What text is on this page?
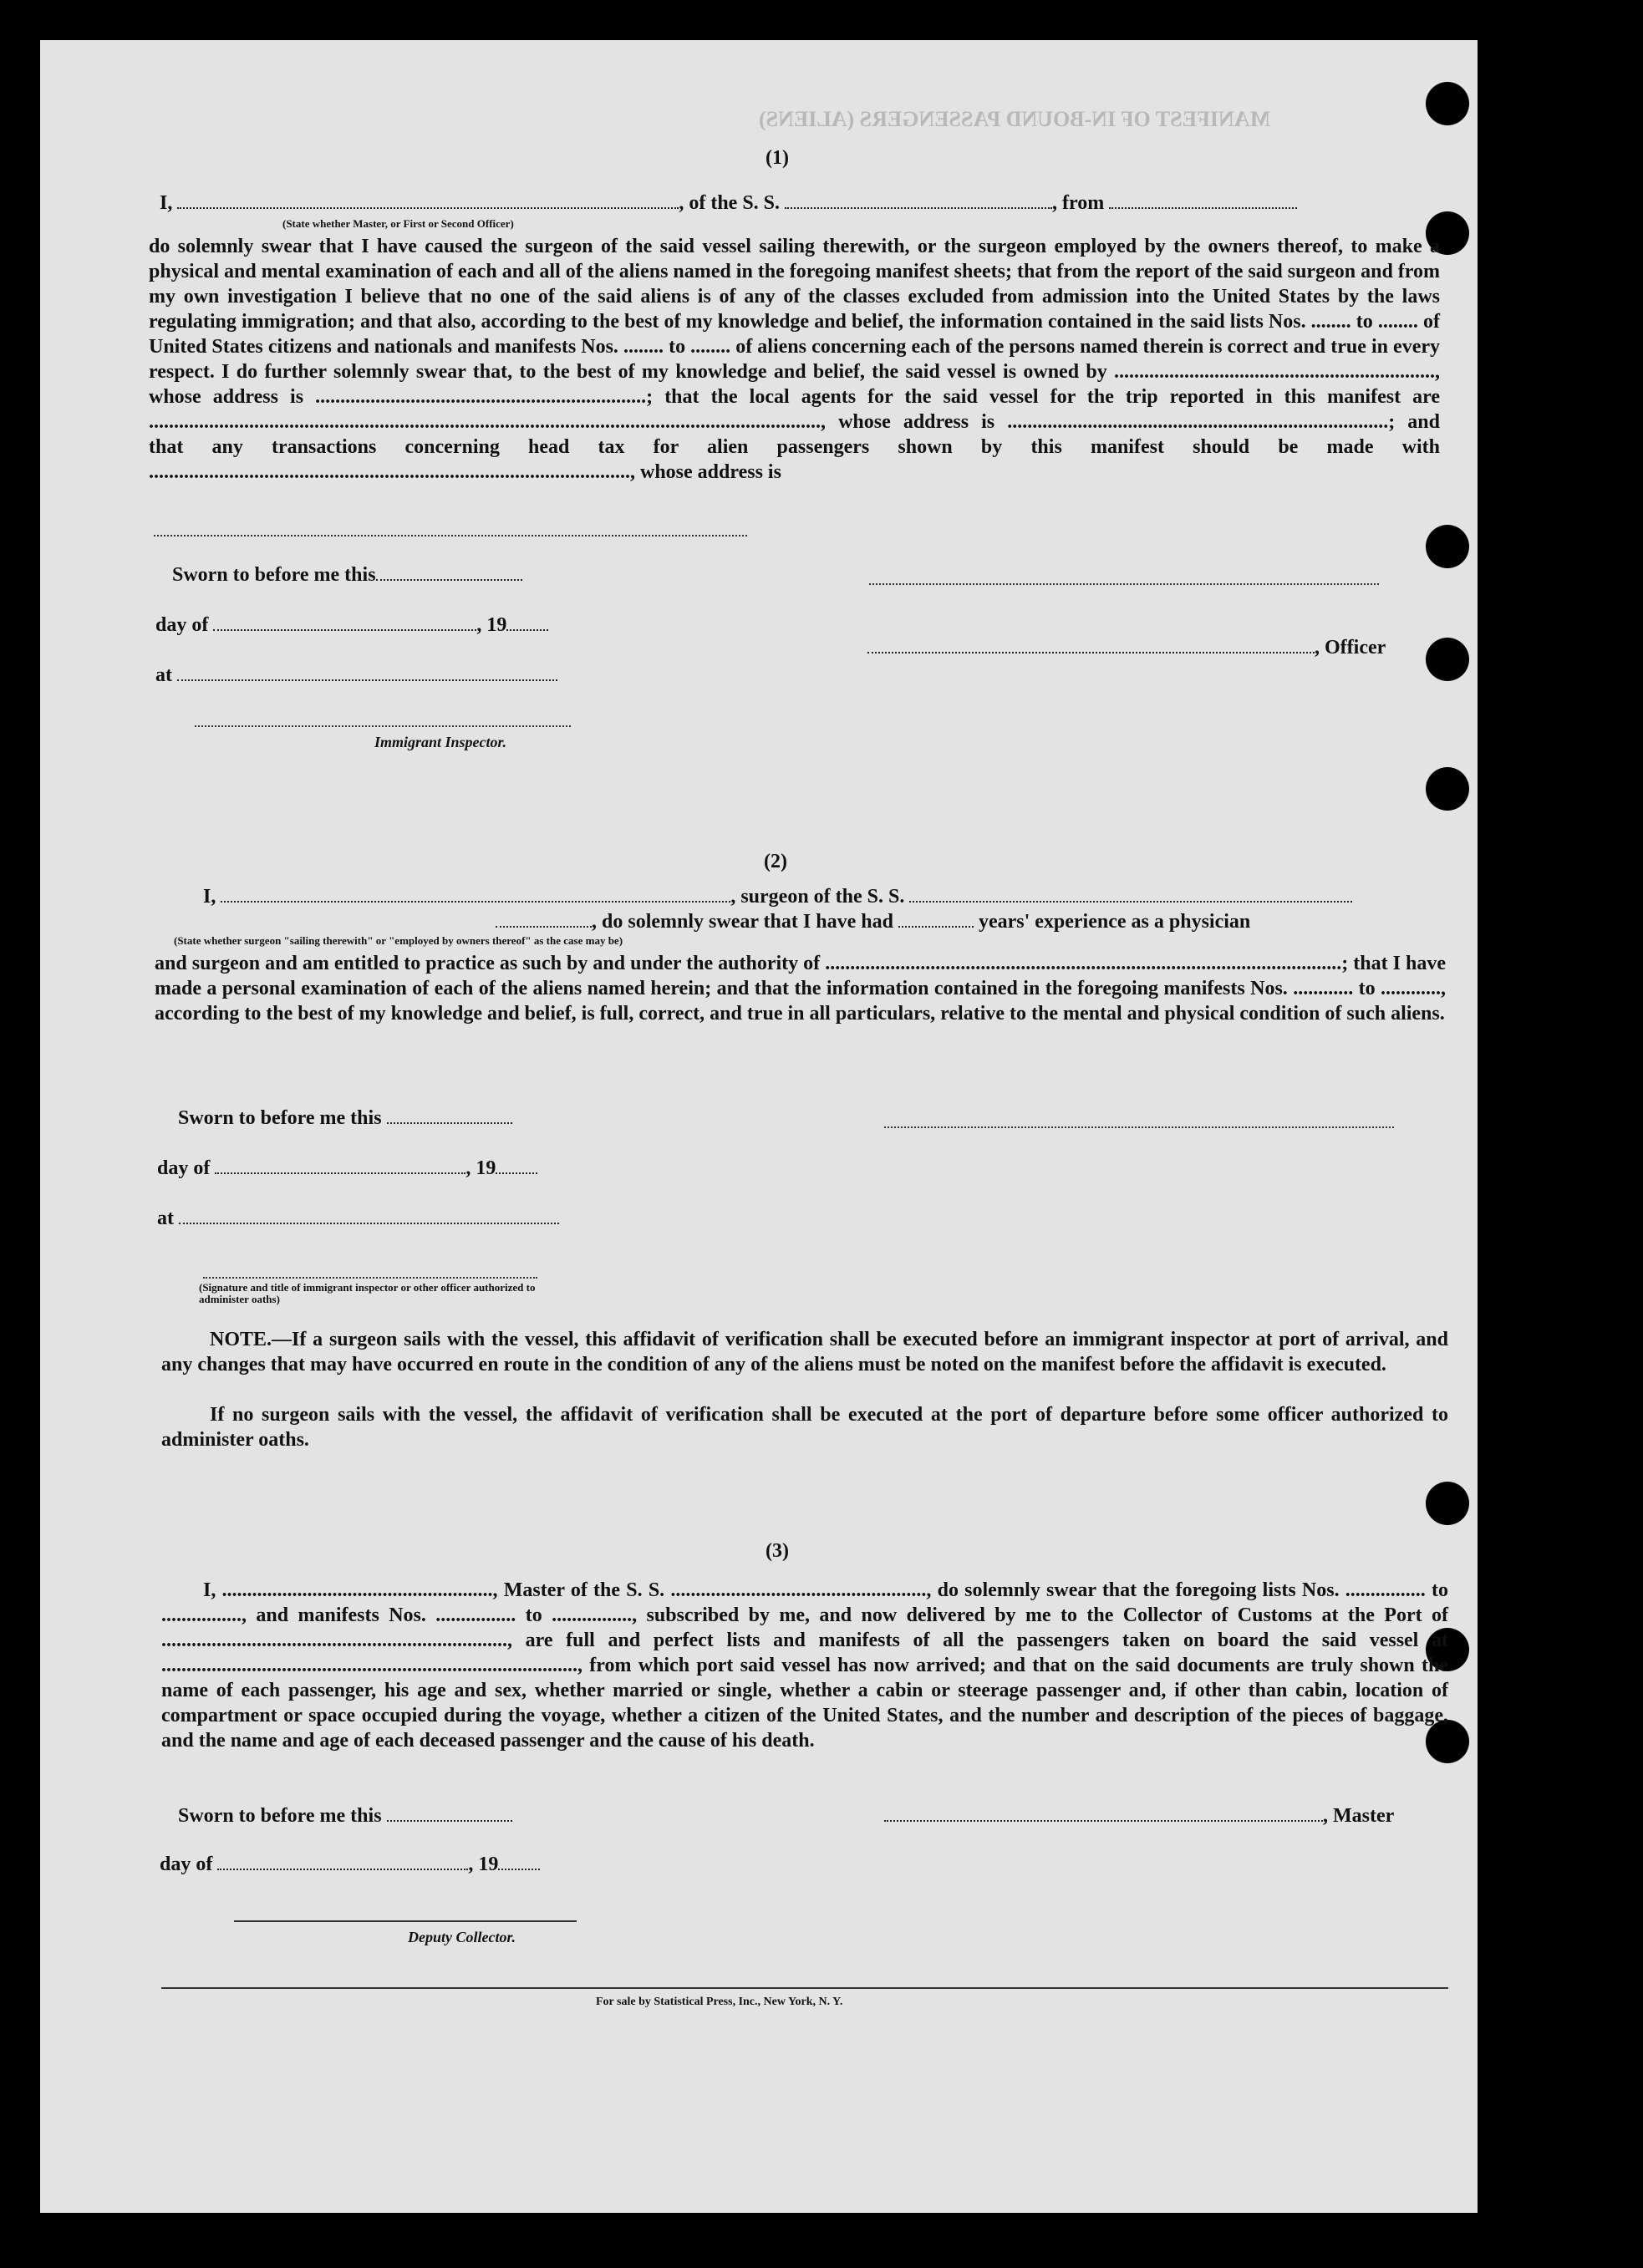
MANIFEST OF IN-BOUND PASSENGERS (ALIENS)
(1)
I,	, of the S. S.	, from
(State whether Master, or First or Second Officer)
do solemnly swear that I have caused the surgeon of the said vessel sailing therewith, or the surgeon employed by the owners thereof, to make a physical and mental examination of each and all of the aliens named in the foregoing manifest sheets; that from the report of the said surgeon and from my own investigation I believe that no one of the said aliens is of any of the classes excluded from admission into the United States by the laws regulating immigration; and that also, according to the best of my knowledge and belief, the information contained in the said lists Nos. ........ to ........ of United States citizens and nationals and manifests Nos. ........ to ........ of aliens concerning each of the persons named therein is correct and true in every respect. I do further solemnly swear that, to the best of my knowledge and belief, the said vessel is owned by ................................................................, whose address is ..................................................................; that the local agents for the said vessel for the trip reported in this manifest are ......................................................................................................................................, whose address is ............................................................................; and that any transactions concerning head tax for alien passengers shown by this manifest should be made with ................................................................................................, whose address is
Sworn to before me this
day of	, 19
, Officer
at
Immigrant Inspector.
(2)
I,	, surgeon of the S. S.
, do solemnly swear that I have had	years' experience as a physician
(State whether surgeon "sailing therewith" or "employed by owners thereof" as the case may be)
and surgeon and am entitled to practice as such by and under the authority of .......................................................................................................; that I have made a personal examination of each of the aliens named herein; and that the information contained in the foregoing manifests Nos. ............ to ............, according to the best of my knowledge and belief, is full, correct, and true in all particulars, relative to the mental and physical condition of such aliens.
Sworn to before me this
day of	, 19
at
(Signature and title of immigrant inspector or other officer authorized to administer oaths)
NOTE.—If a surgeon sails with the vessel, this affidavit of verification shall be executed before an immigrant inspector at port of arrival, and any changes that may have occurred en route in the condition of any of the aliens must be noted on the manifest before the affidavit is executed.
If no surgeon sails with the vessel, the affidavit of verification shall be executed at the port of departure before some officer authorized to administer oaths.
(3)
I, ......................................................, Master of the S. S. ..................................................., do solemnly swear that the foregoing lists Nos. ................ to ................, and manifests Nos. ................ to ................, subscribed by me, and now delivered by me to the Collector of Customs at the Port of ....................................................................., are full and perfect lists and manifests of all the passengers taken on board the said vessel at ..................................................................................., from which port said vessel has now arrived; and that on the said documents are truly shown the name of each passenger, his age and sex, whether married or single, whether a cabin or steerage passenger and, if other than cabin, location of compartment or space occupied during the voyage, whether a citizen of the United States, and the number and description of the pieces of baggage, and the name and age of each deceased passenger and the cause of his death.
Sworn to before me this	, Master
day of	, 19
Deputy Collector.
For sale by Statistical Press, Inc., New York, N. Y.
